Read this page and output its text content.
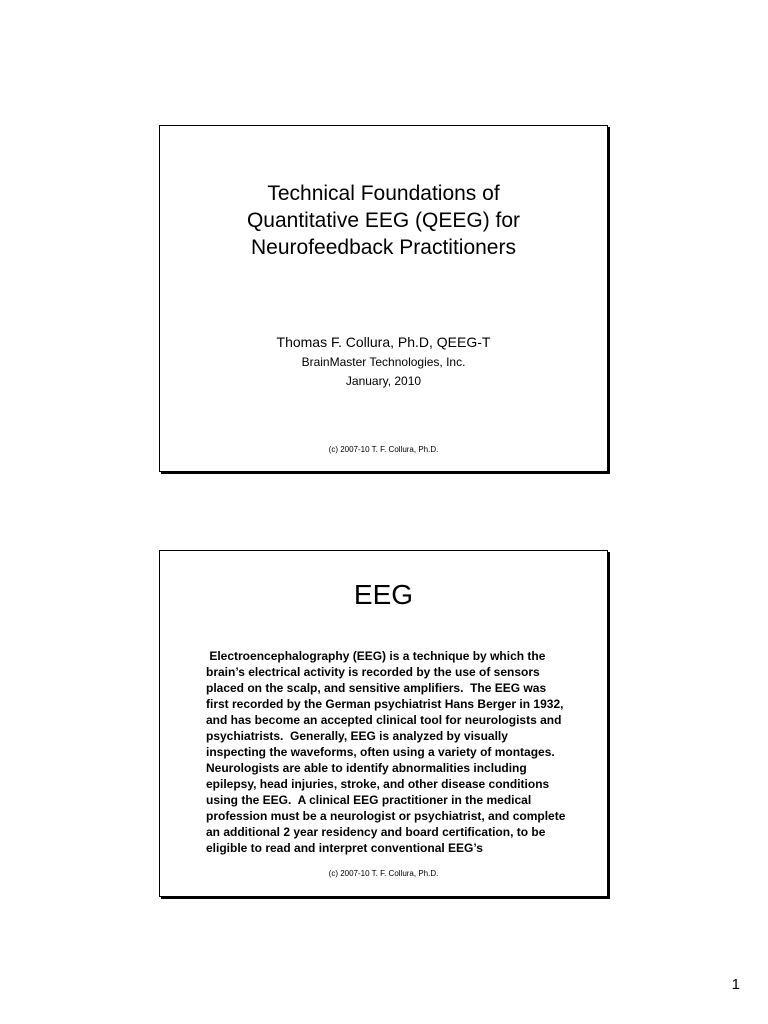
Technical Foundations of
Quantitative EEG (QEEG) for
Neurofeedback Practitioners
Thomas F. Collura, Ph.D, QEEG-T
BrainMaster Technologies, Inc.
January, 2010
(c) 2007-10 T. F. Collura, Ph.D.
EEG

Electroencephalography (EEG) is a technique by which the
brain’s electrical activity is recorded by the use of sensors
placed on the scalp, and sensitive amplifiers.  The EEG was
first recorded by the German psychiatrist Hans Berger in 1932,
and has become an accepted clinical tool for neurologists and
psychiatrists.  Generally, EEG is analyzed by visually
inspecting the waveforms, often using a variety of montages.
Neurologists are able to identify abnormalities including
epilepsy, head injuries, stroke, and other disease conditions
using the EEG.  A clinical EEG practitioner in the medical
profession must be a neurologist or psychiatrist, and complete
an additional 2 year residency and board certification, to be
eligible to read and interpret conventional EEG’s

(c) 2007-10 T. F. Collura, Ph.D.
1
